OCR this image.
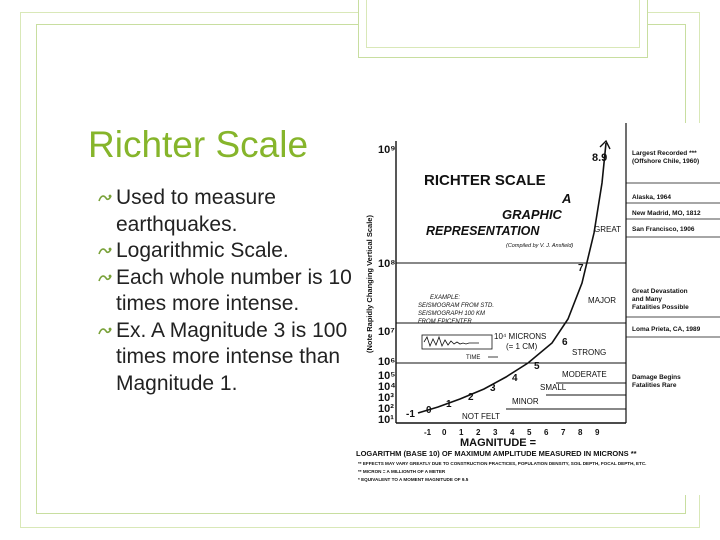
Richter Scale
Used to measure earthquakes.
Logarithmic Scale.
Each whole number is 10 times more intense.
Ex. A Magnitude 3 is 100 times more intense than Magnitude 1.
10⁹
10⁸
10⁷
10⁶
10⁵
10⁴
10³
10²
10¹
(Note Rapidly Changing Vertical Scale)
RICHTER SCALE
A
GRAPHIC
REPRESENTATION
(Compiled by V. J. Ansfield)
-1 0
1
2
3
4
5
6
7
8.9
GREAT
MAJOR
STRONG
MODERATE
SMALL
MINOR
NOT FELT
EXAMPLE:
SEISMOGRAM FROM STD.
SEISMOGRAPH 100 KM
FROM EPICENTER
10⁴ MICRONS
(= 1 CM)
TIME
-1 0 1 2 3 4 5 6 7 8 9
MAGNITUDE =
LOGARITHM (BASE 10) OF MAXIMUM AMPLITUDE MEASURED IN MICRONS **
** EFFECTS MAY VARY GREATLY DUE TO CONSTRUCTION PRACTICES, POPULATION DENSITY, SOIL DEPTH, FOCAL DEPTH, ETC.
** MICRON = A MILLIONTH OF A METER
* EQUIVALENT TO A MOMENT MAGNITUDE OF 9.5
Largest Recorded ***
(Offshore Chile, 1960)
Alaska, 1964
New Madrid, MO, 1812
San Francisco, 1906
Great Devastation
and Many
Fatalities Possible
Loma Prieta, CA, 1989
Damage Begins
Fatalities Rare
